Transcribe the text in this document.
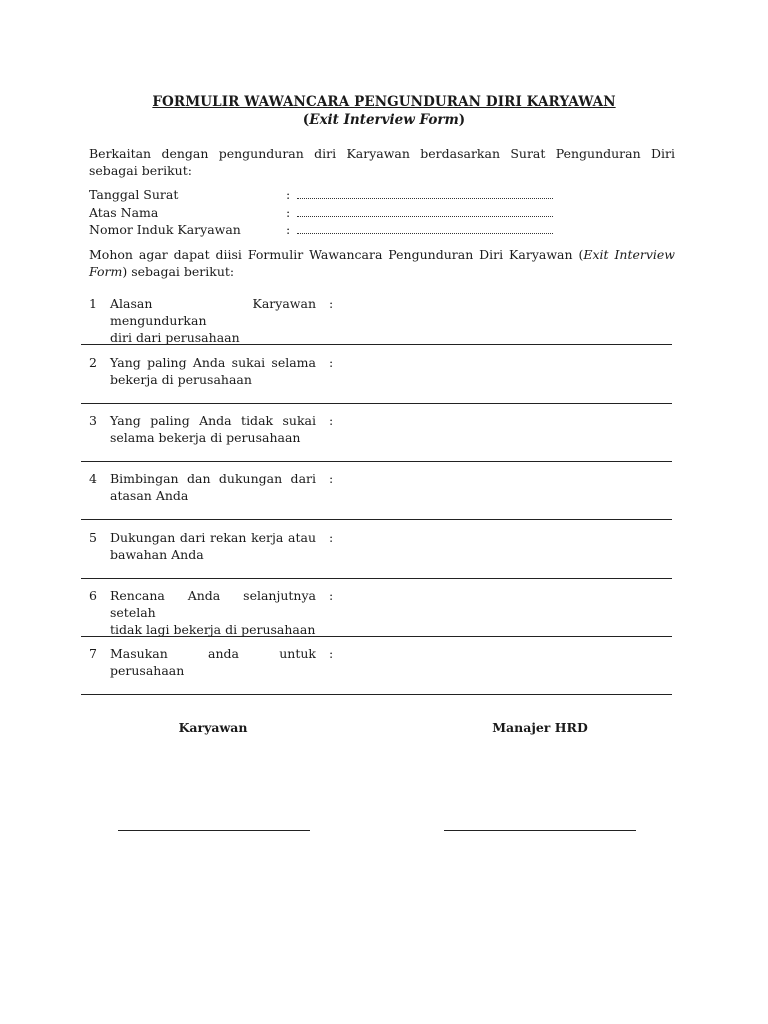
FORMULIR WAWANCARA PENGUNDURAN DIRI KARYAWAN
(Exit Interview Form)
Berkaitan dengan pengunduran diri Karyawan berdasarkan Surat Pengunduran Diri sebagai berikut:
Tanggal Surat	:
Atas Nama	:
Nomor Induk Karyawan	:
Mohon agar dapat diisi Formulir Wawancara Pengunduran Diri Karyawan (Exit Interview Form) sebagai berikut:
1 Alasan Karyawan mengundurkan
diri dari perusahaan
:
2 Yang paling Anda sukai selama
bekerja di perusahaan
:
3 Yang paling Anda tidak sukai
selama bekerja di perusahaan
:
4 Bimbingan dan dukungan dari
atasan Anda
:
5 Dukungan dari rekan kerja atau
bawahan Anda
:
6 Rencana Anda selanjutnya setelah
tidak lagi bekerja di perusahaan
:
7 Masukan anda untuk perusahaan
:
Karyawan	Manajer HRD
